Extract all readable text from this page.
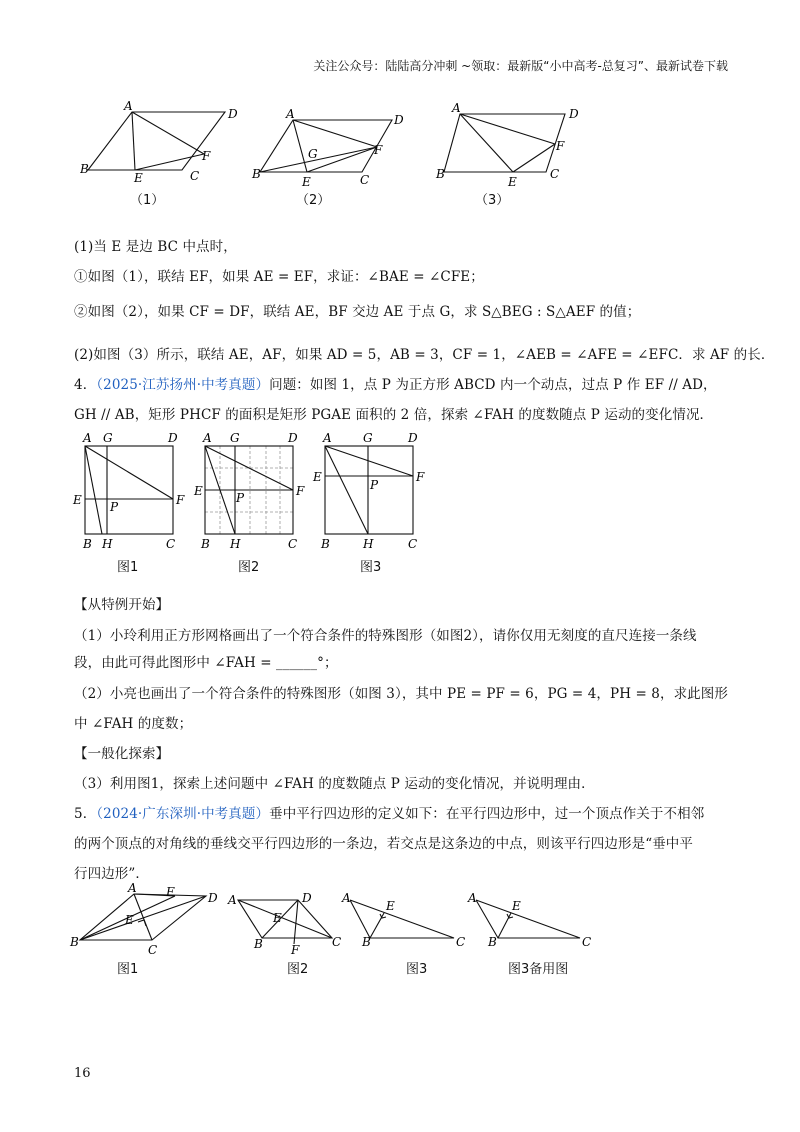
关注公众号：陆陆高分冲刺 ~领取：最新版“小中高考-总复习”、最新试卷下载
A
D
B
E
F
C
A	D
B
G	F
E	C
A	D
B
E
F
C
（1）	（2）	（3）
(1)当 E 是边 BC 中点时，
①如图（1），联结 EF，如果 AE = EF，求证：∠BAE = ∠CFE；
②如图（2），如果 CF = DF，联结 AE，BF 交边 AE 于点 G，求 S△BEG : S△AEF 的值；
(2)如图（3）所示，联结 AE，AF，如果 AD = 5，AB = 3，CF = 1，∠AEB = ∠AFE = ∠EFC．求 AF 的长．
4．（2025·江苏扬州·中考真题）问题：如图 1，点 P 为正方形 ABCD 内一个动点，过点 P 作 EF // AD，
GH // AB，矩形 PHCF 的面积是矩形 PGAE 面积的 2 倍，探索 ∠FAH 的度数随点 P 运动的变化情况．
A G	D
E	F
P
B H	C
A G	D
E	F
P
B H	C
A	G	D
E	F
P
B	H	C
图1	图2	图3
【从特例开始】
（1）小玲利用正方形网格画出了一个符合条件的特殊图形（如图2），请你仅用无刻度的直尺连接一条线
段，由此可得此图形中 ∠FAH = ______°；
（2）小亮也画出了一个符合条件的特殊图形（如图 3），其中 PE = PF = 6，PG = 4，PH = 8，求此图形
中 ∠FAH 的度数；
【一般化探索】
（3）利用图1，探索上述问题中 ∠FAH 的度数随点 P 运动的变化情况，并说明理由．
5．（2024·广东深圳·中考真题）垂中平行四边形的定义如下：在平行四边形中，过一个顶点作关于不相邻
的两个顶点的对角线的垂线交平行四边形的一条边，若交点是这条边的中点，则该平行四边形是“垂中平
行四边形”．
A F	D
E
B
C
A	D
E
B F
C
A
E
B	C
A
E
B	C
图1	图2	图3	图3备用图
16
